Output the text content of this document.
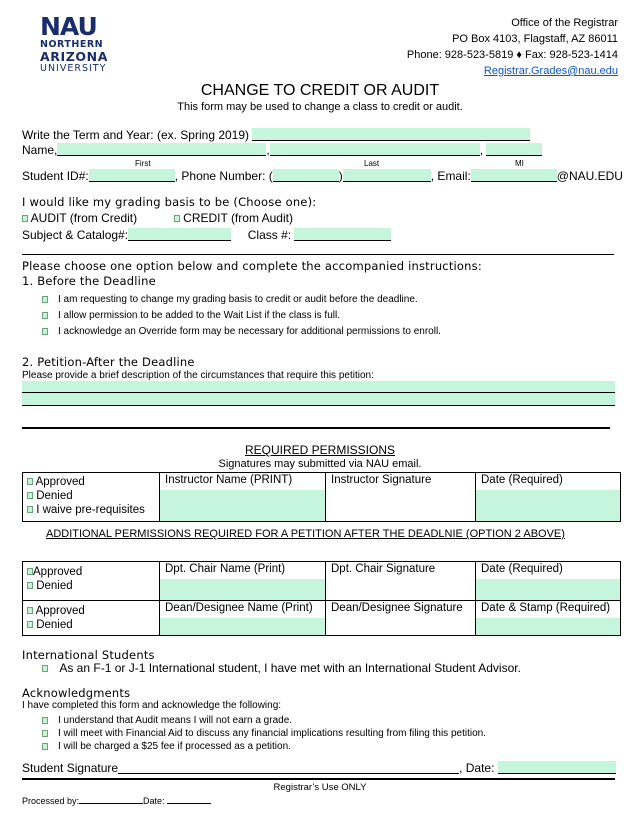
NAU
NORTHERN
ARIZONA
UNIVERSITY
Office of the Registrar
PO Box 4103, Flagstaff, AZ 86011
Phone: 928-523-5819 ♦ Fax: 928-523-1414
Registrar.Grades@nau.edu
CHANGE TO CREDIT OR AUDIT
This form may be used to change a class to credit or audit.
Write the Term and Year: (ex. Spring 2019)
Name,	,	,
First	Last	MI
Student ID#:	, Phone Number: (	)	, Email:	@NAU.EDU
I would like my grading basis to be (Choose one):
AUDIT (from Credit)	CREDIT (from Audit)
Subject & Catalog#:	Class #:
Please choose one option below and complete the accompanied instructions:
1. Before the Deadline
I am requesting to change my grading basis to credit or audit before the deadline.
I allow permission to be added to the Wait List if the class is full.
I acknowledge an Override form may be necessary for additional permissions to enroll.
2. Petition-After the Deadline
Please provide a brief description of the circumstances that require this petition:
REQUIRED PERMISSIONS
Signatures may submitted via NAU email.
Approved
Denied
I waive pre-requisites

Instructor Name (PRINT)	Instructor Signature	Date (Required)
ADDITIONAL PERMISSIONS REQUIRED FOR A PETITION AFTER THE DEADLNIE (OPTION 2 ABOVE)
Approved
Denied	Dpt. Chair Name (Print)	Dpt. Chair Signature	Date (Required)

Approved
Denied	Dean/Designee Name (Print)	Dean/Designee Signature	Date & Stamp (Required)
International Students
As an F-1 or J-1 International student, I have met with an International Student Advisor.
Acknowledgments
I have completed this form and acknowledge the following:
I understand that Audit means I will not earn a grade.
I will meet with Financial Aid to discuss any financial implications resulting from filing this petition.
I will be charged a $25 fee if processed as a petition.
Student Signature	, Date:
Registrar’s Use ONLY
Processed by:	Date:
